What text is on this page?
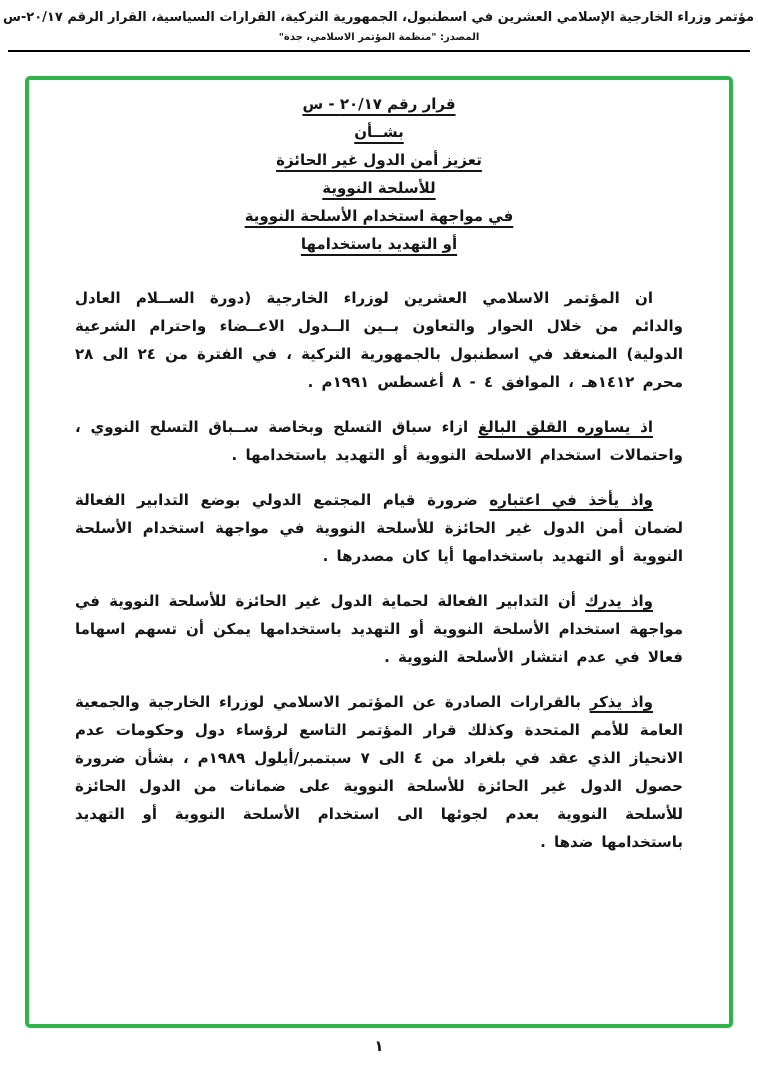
مؤتمر وزراء الخارجية الإسلامي العشرين في اسطنبول، الجمهورية التركية، القرارات السياسية، القرار الرقم ٢٠/١٧-س
المصدر: "منظمة المؤتمر الاسلامي، جدة"
قرار رقم ٢٠/١٧ - س
بشــأن
تعزيز أمن الدول غير الحائزة
للأسلحة النووية
في مواجهة استخدام الأسلحة النووية
أو التهديد باستخدامها

ان المؤتمر الاسلامي العشرين لوزراء الخارجية (دورة الســلام العادل والدائم من خلال الحوار والتعاون بــين الــدول الاعــضاء واحترام الشرعية الدولية) المنعقد في اسطنبول بالجمهورية التركية ، في الفترة من ٢٤ الى ٢٨ محرم ١٤١٢هـ ، الموافق ٤ - ٨ أغسطس ١٩٩١م .

اذ يساوره القلق البالغ ازاء سباق التسلح وبخاصة ســباق التسلح النووي ، واحتمالات استخدام الاسلحة النووية أو التهديد باستخدامها .

واذ يأخذ في اعتباره ضرورة قيام المجتمع الدولي بوضع التدابير الفعالة لضمان أمن الدول غير الحائزة للأسلحة النووية في مواجهة استخدام الأسلحة النووية أو التهديد باستخدامها أيا كان مصدرها .

واذ يدرك أن التدابير الفعالة لحماية الدول غير الحائزة للأسلحة النووية في مواجهة استخدام الأسلحة النووية أو التهديد باستخدامها يمكن أن تسهم اسهاما فعالا في عدم انتشار الأسلحة النووية .

واذ يذكر بالقرارات الصادرة عن المؤتمر الاسلامي لوزراء الخارجية والجمعية العامة للأمم المتحدة وكذلك قرار المؤتمر التاسع لرؤساء دول وحكومات عدم الانحياز الذي عقد في بلغراد من ٤ الى ٧ سبتمبر/أيلول ١٩٨٩م ، بشأن ضرورة حصول الدول غير الحائزة للأسلحة النووية على ضمانات من الدول الحائزة للأسلحة النووية بعدم لجوئها الى استخدام الأسلحة النووية أو التهديد باستخدامها ضدها .

١
